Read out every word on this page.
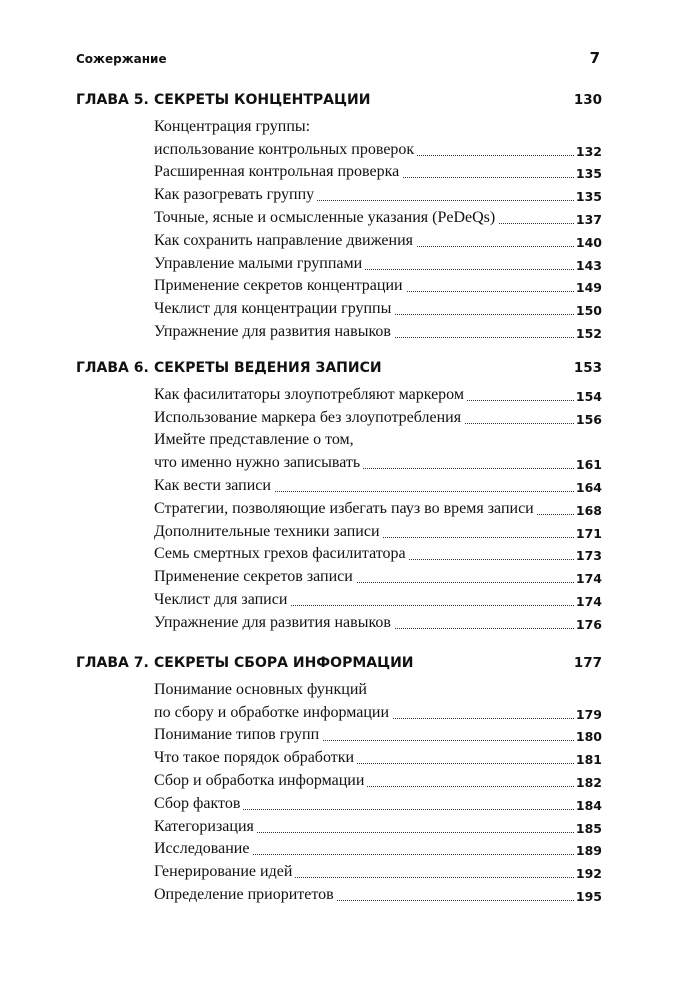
Сожержание	7
ГЛАВА 5. СЕКРЕТЫ КОНЦЕНТРАЦИИ	130
Концентрация группы:
использование контрольных проверок	132
Расширенная контрольная проверка	135
Как разогревать группу	135
Точные, ясные и осмысленные указания (PeDeQs)	137
Как сохранить направление движения	140
Управление малыми группами	143
Применение секретов концентрации	149
Чеклист для концентрации группы	150
Упражнение для развития навыков	152
ГЛАВА 6. СЕКРЕТЫ ВЕДЕНИЯ ЗАПИСИ	153
Как фасилитаторы злоупотребляют маркером	154
Использование маркера без злоупотребления	156
Имейте представление о том,
что именно нужно записывать	161
Как вести записи	164
Стратегии, позволяющие избегать пауз во время записи	168
Дополнительные техники записи	171
Семь смертных грехов фасилитатора	173
Применение секретов записи	174
Чеклист для записи	174
Упражнение для развития навыков	176
ГЛАВА 7. СЕКРЕТЫ СБОРА ИНФОРМАЦИИ	177
Понимание основных функций
по сбору и обработке информации	179
Понимание типов групп	180
Что такое порядок обработки	181
Сбор и обработка информации	182
Сбор фактов	184
Категоризация	185
Исследование	189
Генерирование идей	192
Определение приоритетов	195
